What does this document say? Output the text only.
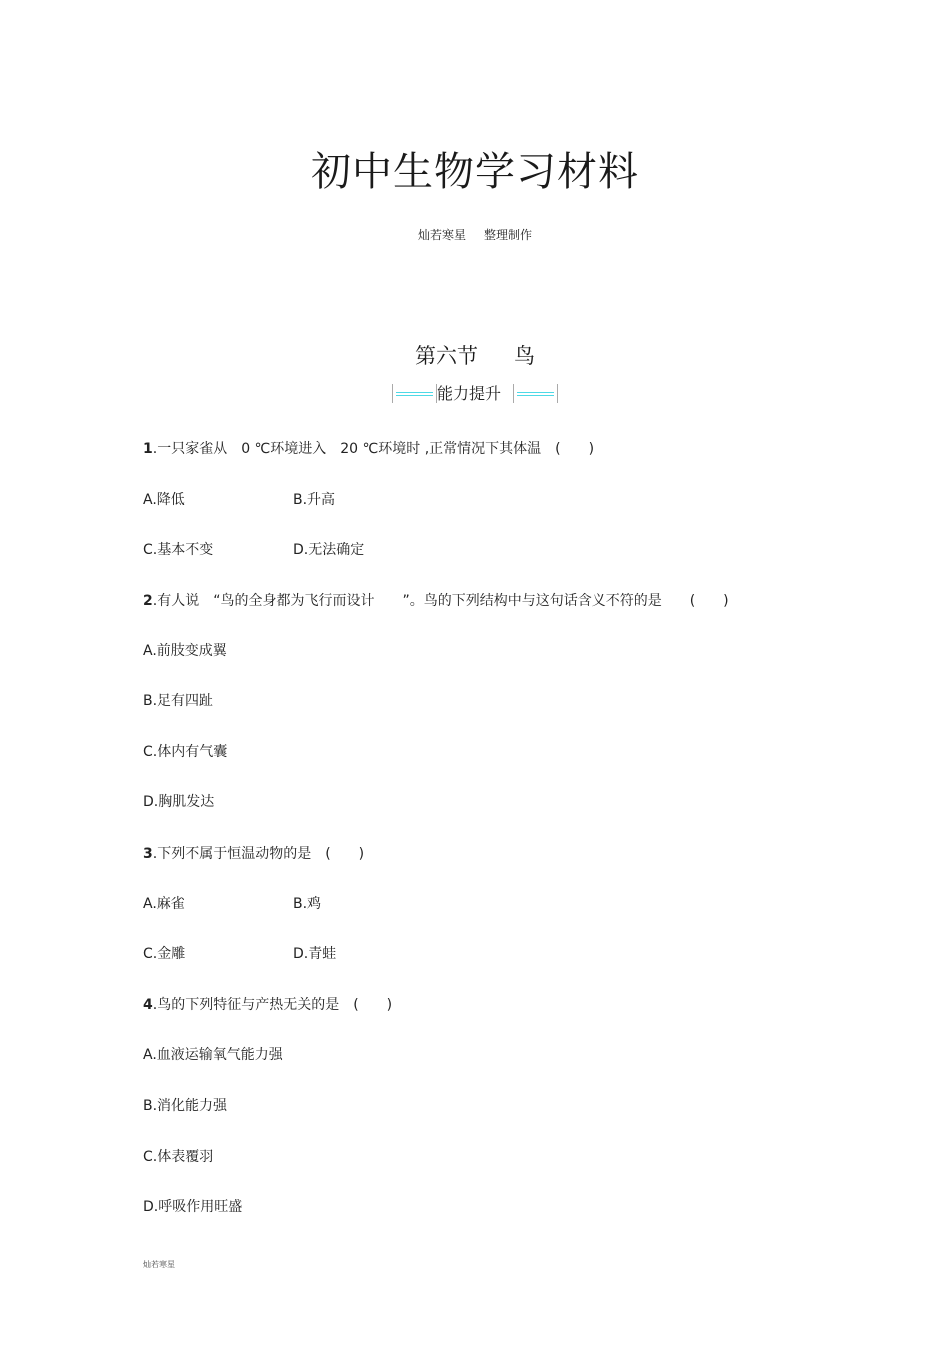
初中生物学习材料
灿若寒星 整理制作
第六节 鸟
能力提升
1.一只家雀从　0 ℃环境进入　20 ℃环境时 ,正常情况下其体温　(　　)
A.降低	B.升高
C.基本不变	D.无法确定
2.有人说　“鸟的全身都为飞行而设计　　”。鸟的下列结构中与这句话含义不符的是　　(　　)
A.前肢变成翼
B.足有四趾
C.体内有气囊
D.胸肌发达
3.下列不属于恒温动物的是　(　　)
A.麻雀	B.鸡
C.金雕	D.青蛙
4.鸟的下列特征与产热无关的是　(　　)
A.血液运输氧气能力强
B.消化能力强
C.体表覆羽
D.呼吸作用旺盛
灿若寒星
